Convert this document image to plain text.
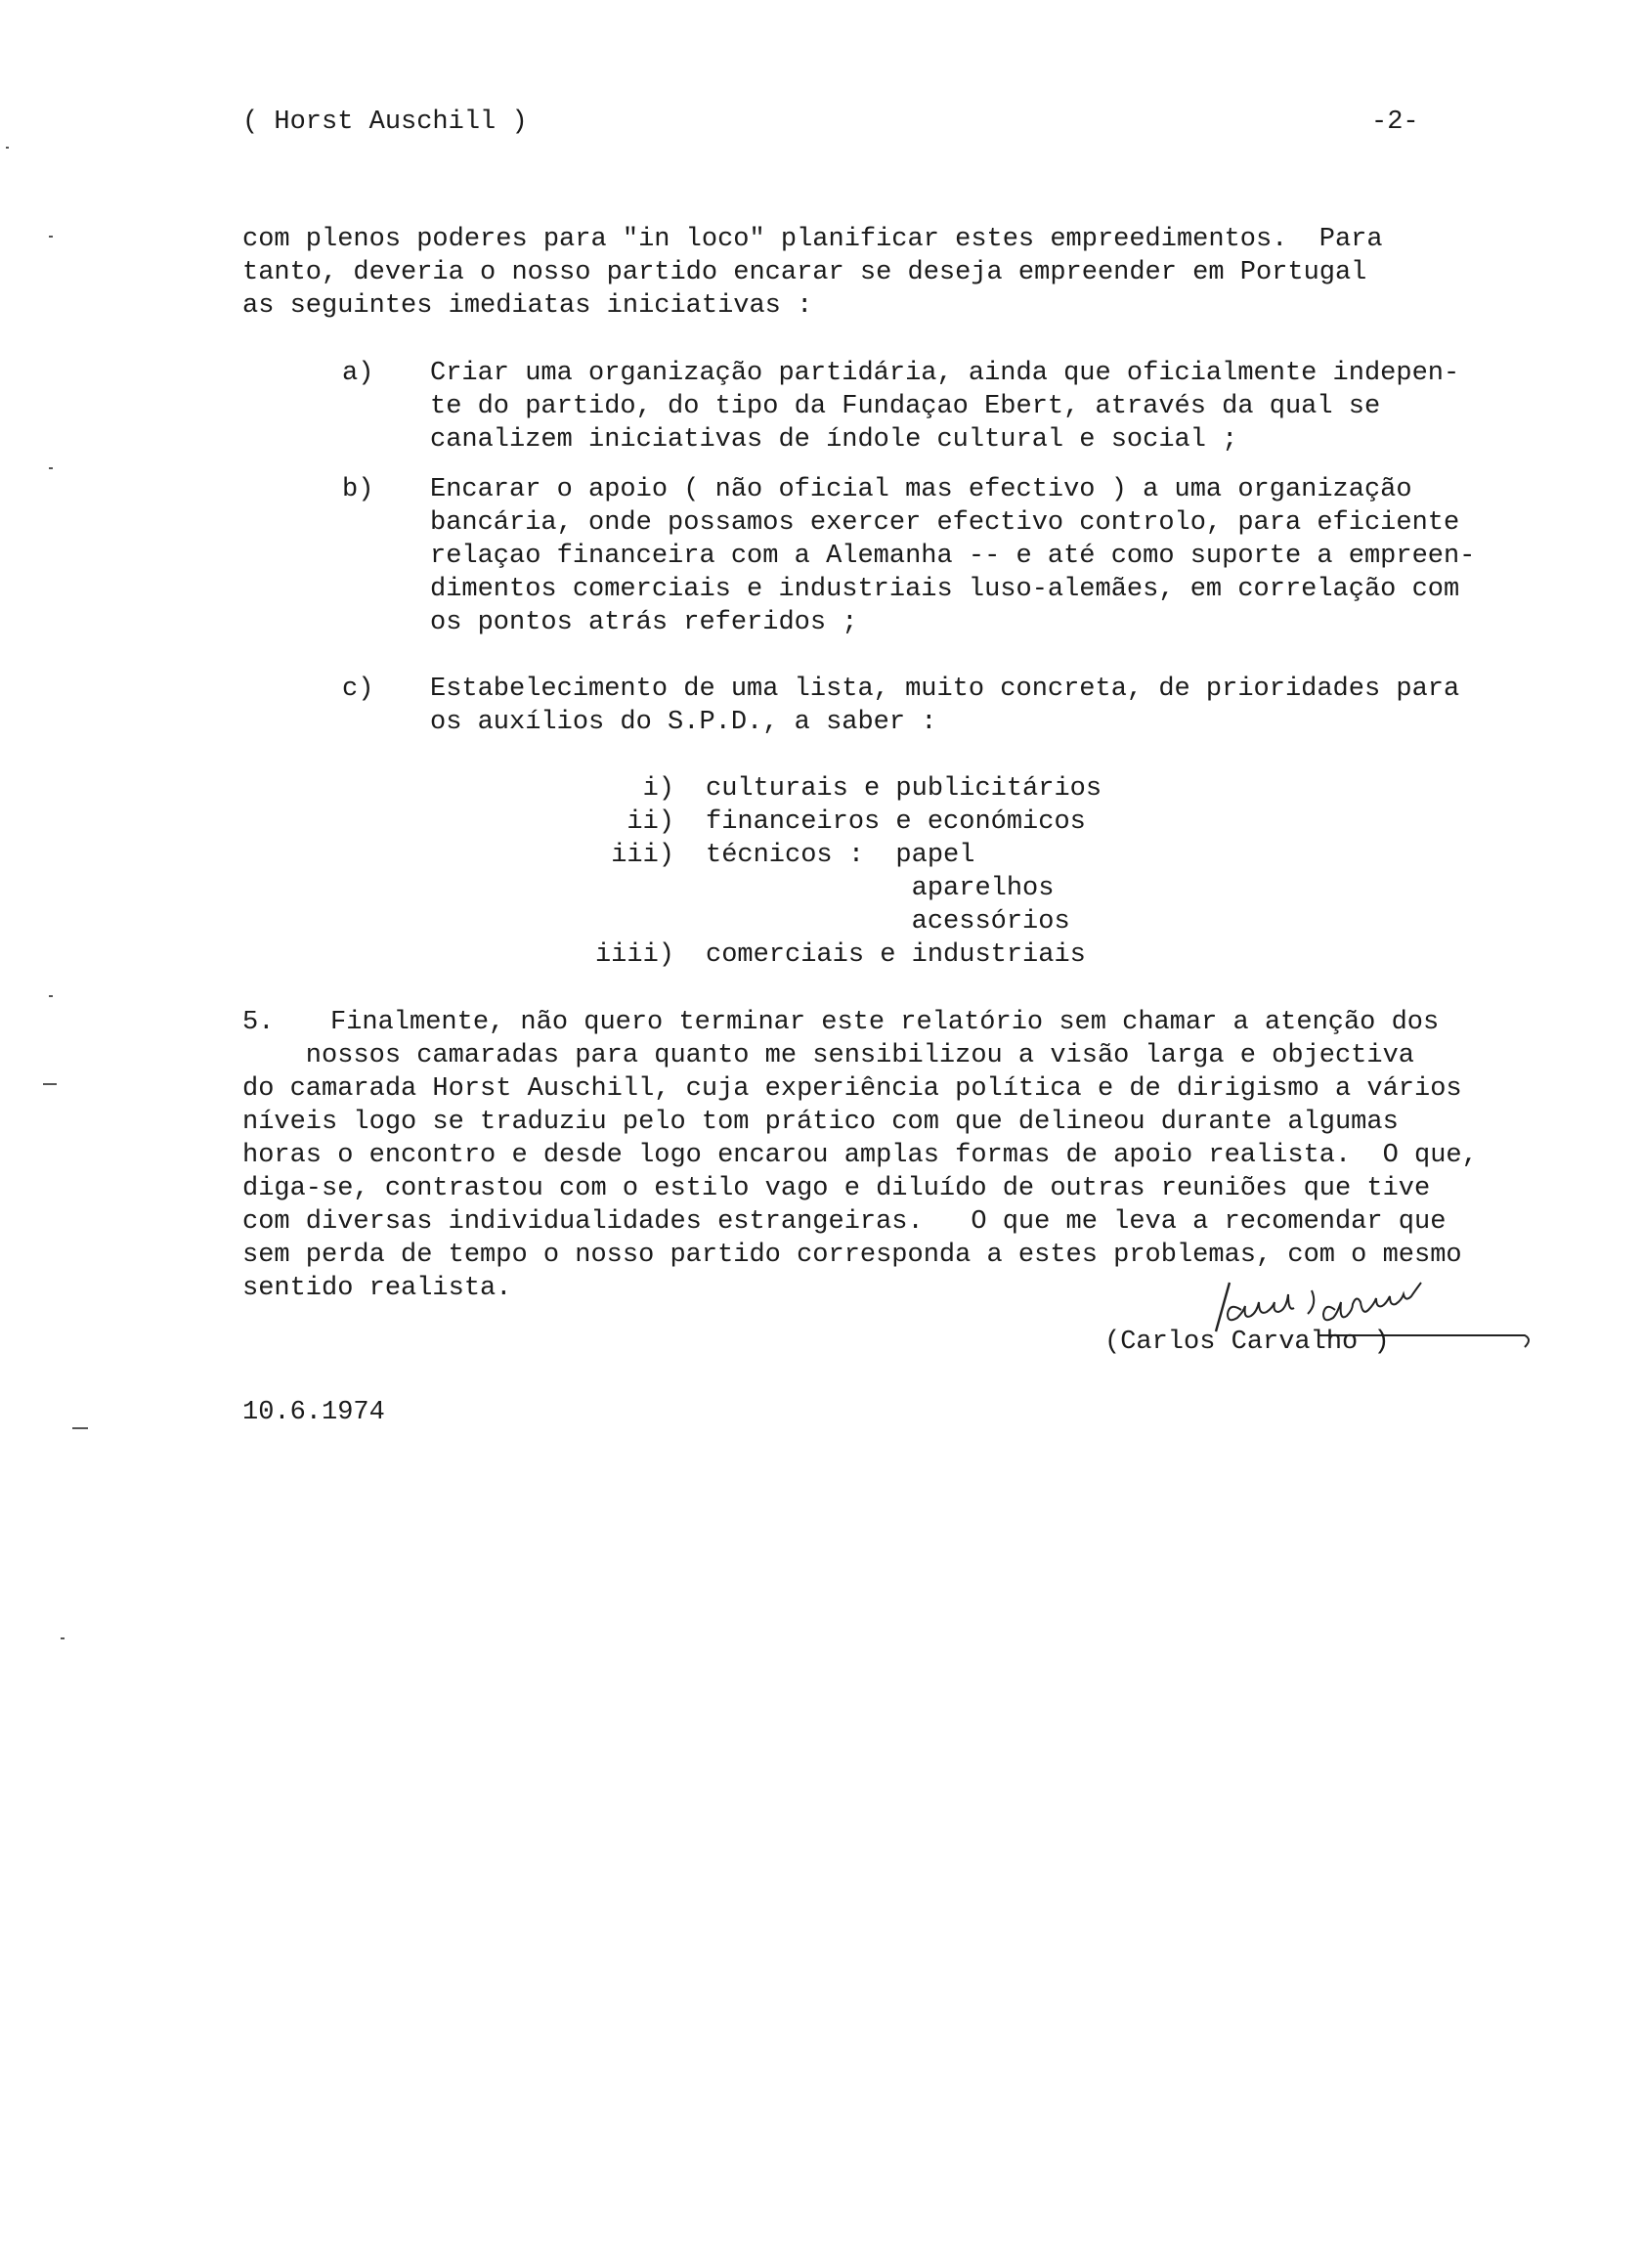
( Horst Auschill )	-2-
com plenos poderes para "in loco" planificar estes empreedimentos.  Para
tanto, deveria o nosso partido encarar se deseja empreender em Portugal
as seguintes imediatas iniciativas :
a) Criar uma organização partidária, ainda que oficialmente indepen-
te do partido, do tipo da Fundaçao Ebert, através da qual se
canalizem iniciativas de índole cultural e social ;
b) Encarar o apoio ( não oficial mas efectivo ) a uma organização
bancária, onde possamos exercer efectivo controlo, para eficiente
relaçao financeira com a Alemanha -- e até como suporte a empreen-
dimentos comerciais e industriais luso-alemães, em correlação com
os pontos atrás referidos ;
c) Estabelecimento de uma lista, muito concreta, de prioridades para
os auxílios do S.P.D., a saber :
i)
ii)
iii)
iiii)
culturais e publicitários
financeiros e económicos
técnicos :  papel
aparelhos
acessórios
comerciais e industriais
5. Finalmente, não quero terminar este relatório sem chamar a atenção dos
nossos camaradas para quanto me sensibilizou a visão larga e objectiva
do camarada Horst Auschill, cuja experiência política e de dirigismo a vários
níveis logo se traduziu pelo tom prático com que delineou durante algumas
horas o encontro e desde logo encarou amplas formas de apoio realista.  O que,
diga-se, contrastou com o estilo vago e diluído de outras reuniões que tive
com diversas individualidades estrangeiras.   O que me leva a recomendar que
sem perda de tempo o nosso partido corresponda a estes problemas, com o mesmo
sentido realista.
(Carlos Carvalho )
10.6.1974
